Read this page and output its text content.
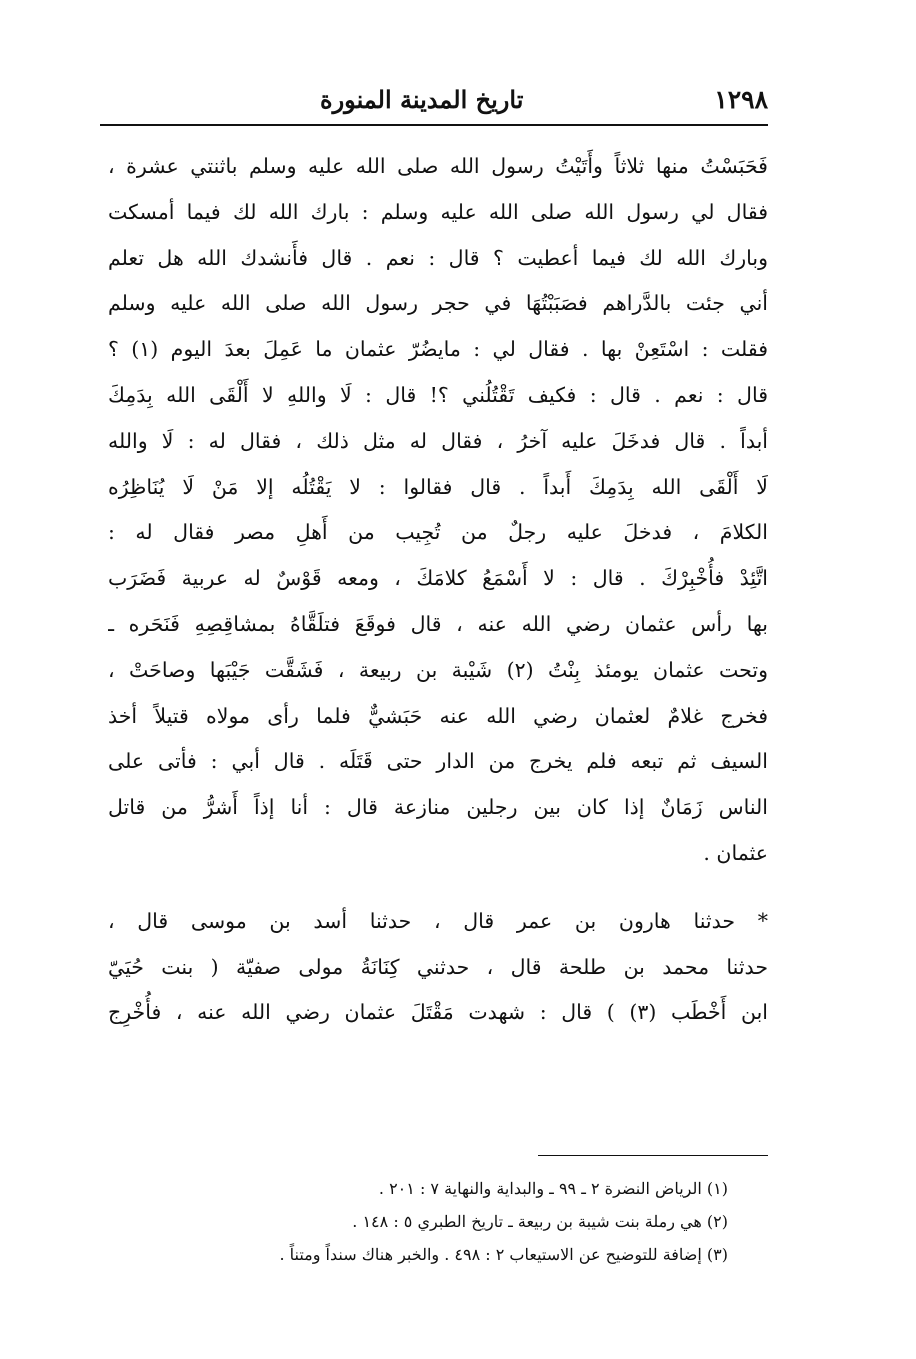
١٢٩٨
تاريخ المدينة المنورة
فَحَبَسْتُ منها ثلاثاً وأَتَيْتُ رسول الله صلى الله عليه وسلم باثنتي عشرة ،
فقال لي رسول الله صلى الله عليه وسلم : بارك الله لك فيما أمسكت
وبارك الله لك فيما أعطيت ؟ قال : نعم . قال فأَنشدك الله هل تعلم
أني جئت بالدَّراهم فصَبَبْتُهَا في حجر رسول الله صلى الله عليه وسلم
فقلت : اسْتَعِنْ بها . فقال لي : مايضُرّ عثمان ما عَمِلَ بعدَ اليوم (١) ؟
قال : نعم . قال : فكيف تَقْتُلُني ؟! قال : لَا واللهِ لا أَلْقَى الله بِدَمِكَ
أبداً . قال فدخَلَ عليه آخرُ ، فقال له مثل ذلك ، فقال له : لَا والله
لَا أَلْقَى الله بِدَمِكَ أَبداً . قال فقالوا : لا يَقْتُلُه إلا مَنْ لَا يُنَاظِرُه
الكلامَ ، فدخلَ عليه رجلٌ من تُجِيب من أَهلِ مصر فقال له :
اتَّئِدْ فأُخْبِرْكَ . قال : لا أَسْمَعُ كلامَكَ ، ومعه قَوْسٌ له عربية فَضَرَب
بها رأس عثمان رضي الله عنه ، قال فوقَعَ فتلَقَّاهُ بمشاقِصِهِ فَنَحَره ـ
وتحت عثمان يومئذ بِنْتُ (٢) شَيْبة بن ربيعة ، فَشَقَّت جَيْبَها وصاحَتْ ،
فخرج غلامٌ لعثمان رضي الله عنه حَبَشيٌّ فلما رأى مولاه قتيلاً أخذ
السيف ثم تبعه فلم يخرج من الدار حتى قَتَلَه . قال أبي : فأتى على
الناس زَمَانٌ إذا كان بين رجلين منازعة قال : أنا إذاً أَشرُّ من قاتل
عثمان .
* حدثنا هارون بن عمر قال ، حدثنا أسد بن موسى قال ،
حدثنا محمد بن طلحة قال ، حدثني كِنَانَةُ مولى صفيّة ( بنت حُيَيّ
ابن أَخْطَب (٣) ) قال : شهدت مَقْتَلَ عثمان رضي الله عنه ، فأُخْرِج
(١) الرياض النضرة ٢ ـ ٩٩ ـ والبداية والنهاية ٧ : ٢٠١ .
(٢) هي رملة بنت شيبة بن ربيعة ـ تاريخ الطبري ٥ : ١٤٨ .
(٣) إضافة للتوضيح عن الاستيعاب ٢ : ٤٩٨ . والخبر هناك سنداً ومتناً .
